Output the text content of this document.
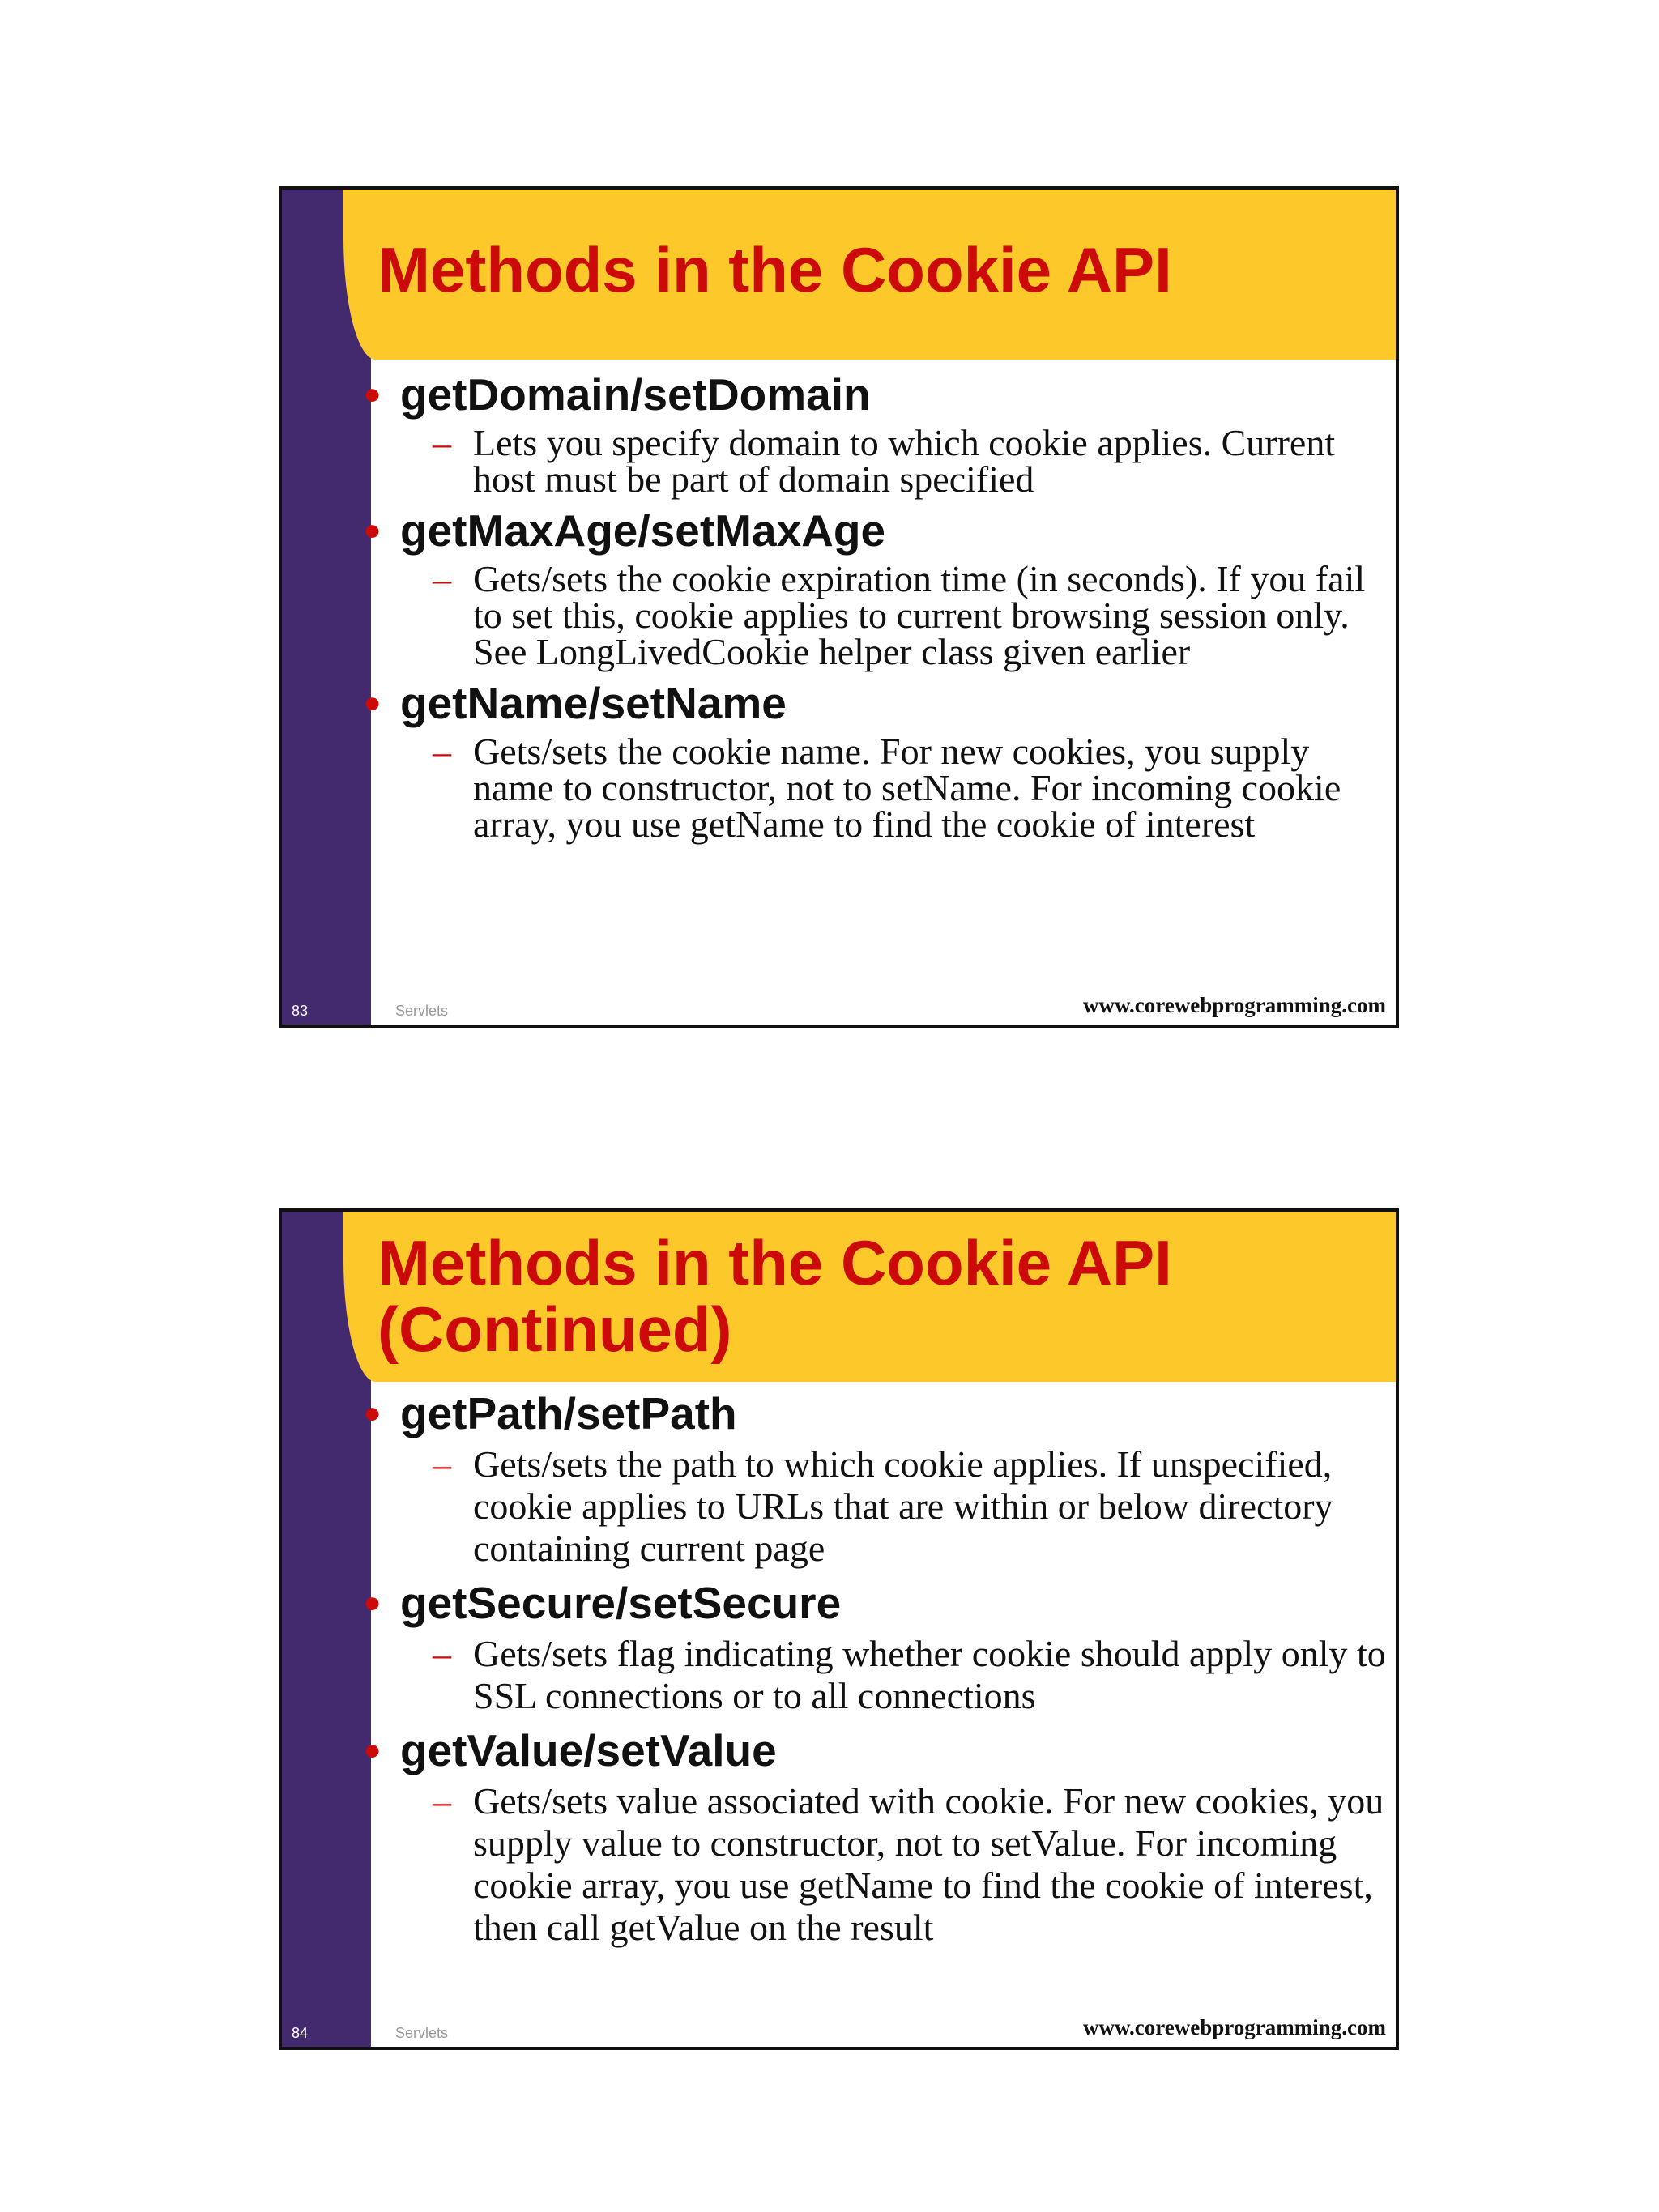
Methods in the Cookie API
• getDomain/setDomain
– Lets you specify domain to which cookie applies. Current host must be part of domain specified
• getMaxAge/setMaxAge
– Gets/sets the cookie expiration time (in seconds). If you fail to set this, cookie applies to current browsing session only. See LongLivedCookie helper class given earlier
• getName/setName
– Gets/sets the cookie name. For new cookies, you supply name to constructor, not to setName. For incoming cookie array, you use getName to find the cookie of interest
83	Servlets	www.corewebprogramming.com
Methods in the Cookie API (Continued)
• getPath/setPath
– Gets/sets the path to which cookie applies. If unspecified, cookie applies to URLs that are within or below directory containing current page
• getSecure/setSecure
– Gets/sets flag indicating whether cookie should apply only to SSL connections or to all connections
• getValue/setValue
– Gets/sets value associated with cookie. For new cookies, you supply value to constructor, not to setValue. For incoming cookie array, you use getName to find the cookie of interest, then call getValue on the result
84	Servlets	www.corewebprogramming.com
